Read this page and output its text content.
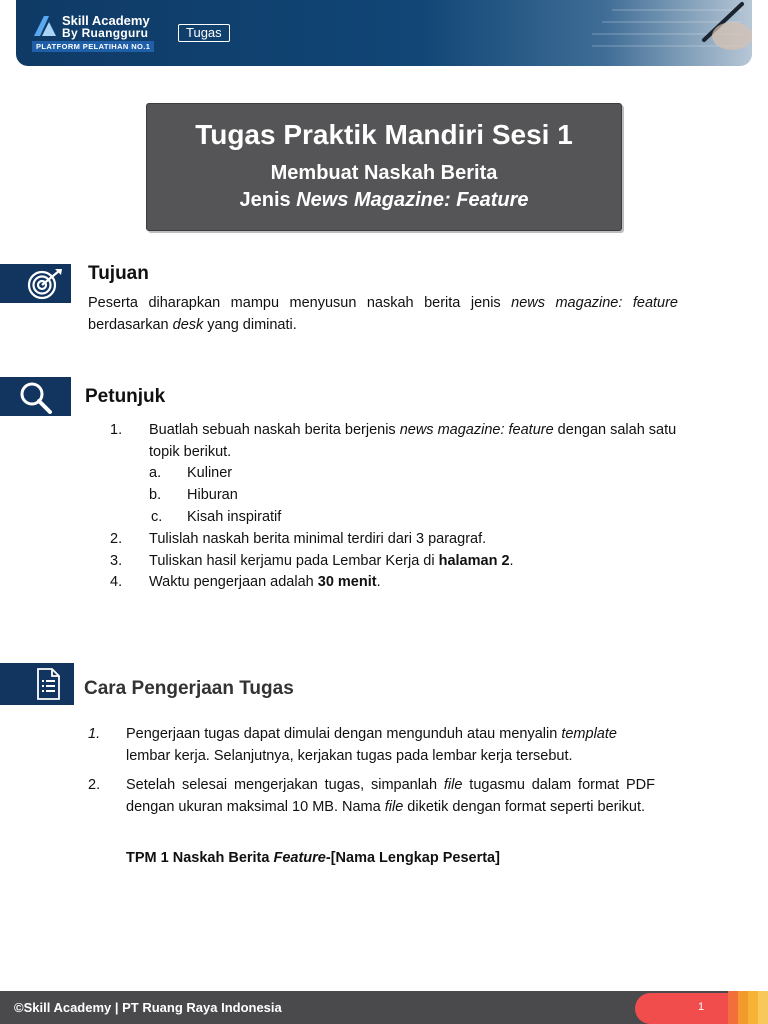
Skill Academy
By Ruangguru
PLATFORM PELATIHAN NO.1
Tugas
Tugas Praktik Mandiri Sesi 1
Membuat Naskah Berita
Jenis News Magazine: Feature
Tujuan
Peserta diharapkan mampu menyusun naskah berita jenis news magazine: feature berdasarkan desk yang diminati.
Petunjuk
1. Buatlah sebuah naskah berita berjenis news magazine: feature dengan salah satu topik berikut.
a. Kuliner
b. Hiburan
c. Kisah inspiratif
2. Tulislah naskah berita minimal terdiri dari 3 paragraf.
3. Tuliskan hasil kerjamu pada Lembar Kerja di halaman 2.
4. Waktu pengerjaan adalah 30 menit.
Cara Pengerjaan Tugas
1. Pengerjaan tugas dapat dimulai dengan mengunduh atau menyalin template lembar kerja. Selanjutnya, kerjakan tugas pada lembar kerja tersebut.
2. Setelah selesai mengerjakan tugas, simpanlah file tugasmu dalam format PDF dengan ukuran maksimal 10 MB. Nama file diketik dengan format seperti berikut.
TPM 1 Naskah Berita Feature-[Nama Lengkap Peserta]
©Skill Academy | PT Ruang Raya Indonesia	1
